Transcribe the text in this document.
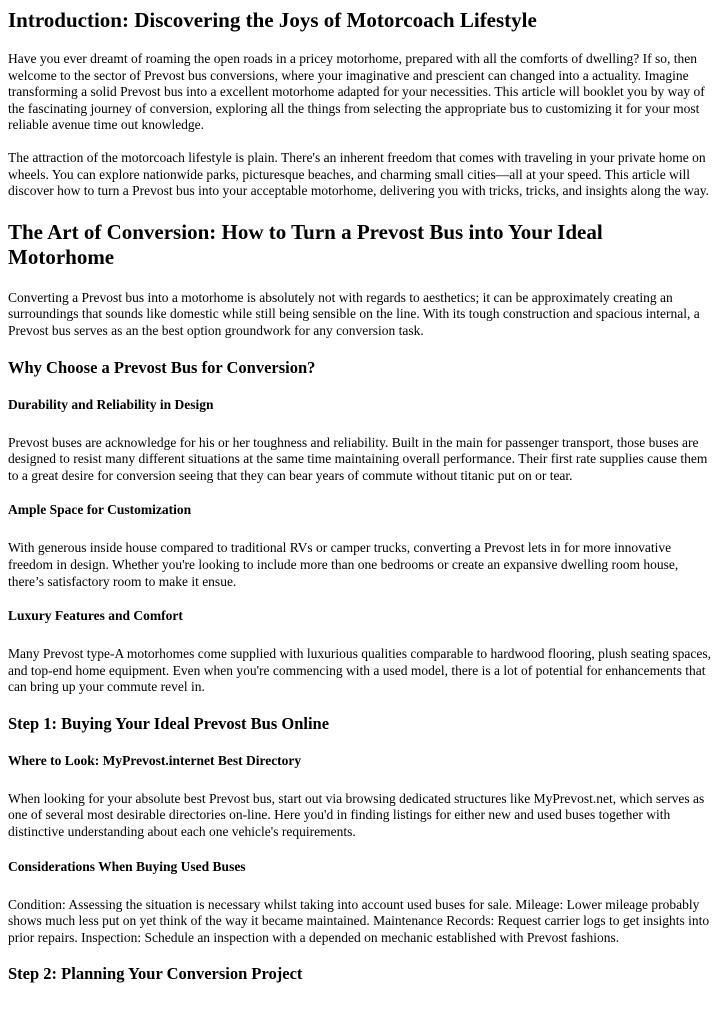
Introduction: Discovering the Joys of Motorcoach Lifestyle

Have you ever dreamt of roaming the open roads in a pricey motorhome, prepared with all the comforts of dwelling? If so, then welcome to the sector of Prevost bus conversions, where your imaginative and prescient can changed into a actuality. Imagine transforming a solid Prevost bus into a excellent motorhome adapted for your necessities. This article will booklet you by way of the fascinating journey of conversion, exploring all the things from selecting the appropriate bus to customizing it for your most reliable avenue time out knowledge.

The attraction of the motorcoach lifestyle is plain. There's an inherent freedom that comes with traveling in your private home on wheels. You can explore nationwide parks, picturesque beaches, and charming small cities—all at your speed. This article will discover how to turn a Prevost bus into your acceptable motorhome, delivering you with tricks, tricks, and insights along the way.

The Art of Conversion: How to Turn a Prevost Bus into Your Ideal Motorhome

Converting a Prevost bus into a motorhome is absolutely not with regards to aesthetics; it can be approximately creating an surroundings that sounds like domestic while still being sensible on the line. With its tough construction and spacious internal, a Prevost bus serves as an the best option groundwork for any conversion task.

Why Choose a Prevost Bus for Conversion?
Durability and Reliability in Design

Prevost buses are acknowledge for his or her toughness and reliability. Built in the main for passenger transport, those buses are designed to resist many different situations at the same time maintaining overall performance. Their first rate supplies cause them to a great desire for conversion seeing that they can bear years of commute without titanic put on or tear.

Ample Space for Customization

With generous inside house compared to traditional RVs or camper trucks, converting a Prevost lets in for more innovative freedom in design. Whether you're looking to include more than one bedrooms or create an expansive dwelling room house, there’s satisfactory room to make it ensue.

Luxury Features and Comfort

Many Prevost type-A motorhomes come supplied with luxurious qualities comparable to hardwood flooring, plush seating spaces, and top-end home equipment. Even when you're commencing with a used model, there is a lot of potential for enhancements that can bring up your commute revel in.

Step 1: Buying Your Ideal Prevost Bus Online
Where to Look: MyPrevost.internet Best Directory

When looking for your absolute best Prevost bus, start out via browsing dedicated structures like MyPrevost.net, which serves as one of several most desirable directories on-line. Here you'd in finding listings for either new and used buses together with distinctive understanding about each one vehicle's requirements.

Considerations When Buying Used Buses

Condition: Assessing the situation is necessary whilst taking into account used buses for sale. Mileage: Lower mileage probably shows much less put on yet think of the way it became maintained. Maintenance Records: Request carrier logs to get insights into prior repairs. Inspection: Schedule an inspection with a depended on mechanic established with Prevost fashions.

Step 2: Planning Your Conversion Project
